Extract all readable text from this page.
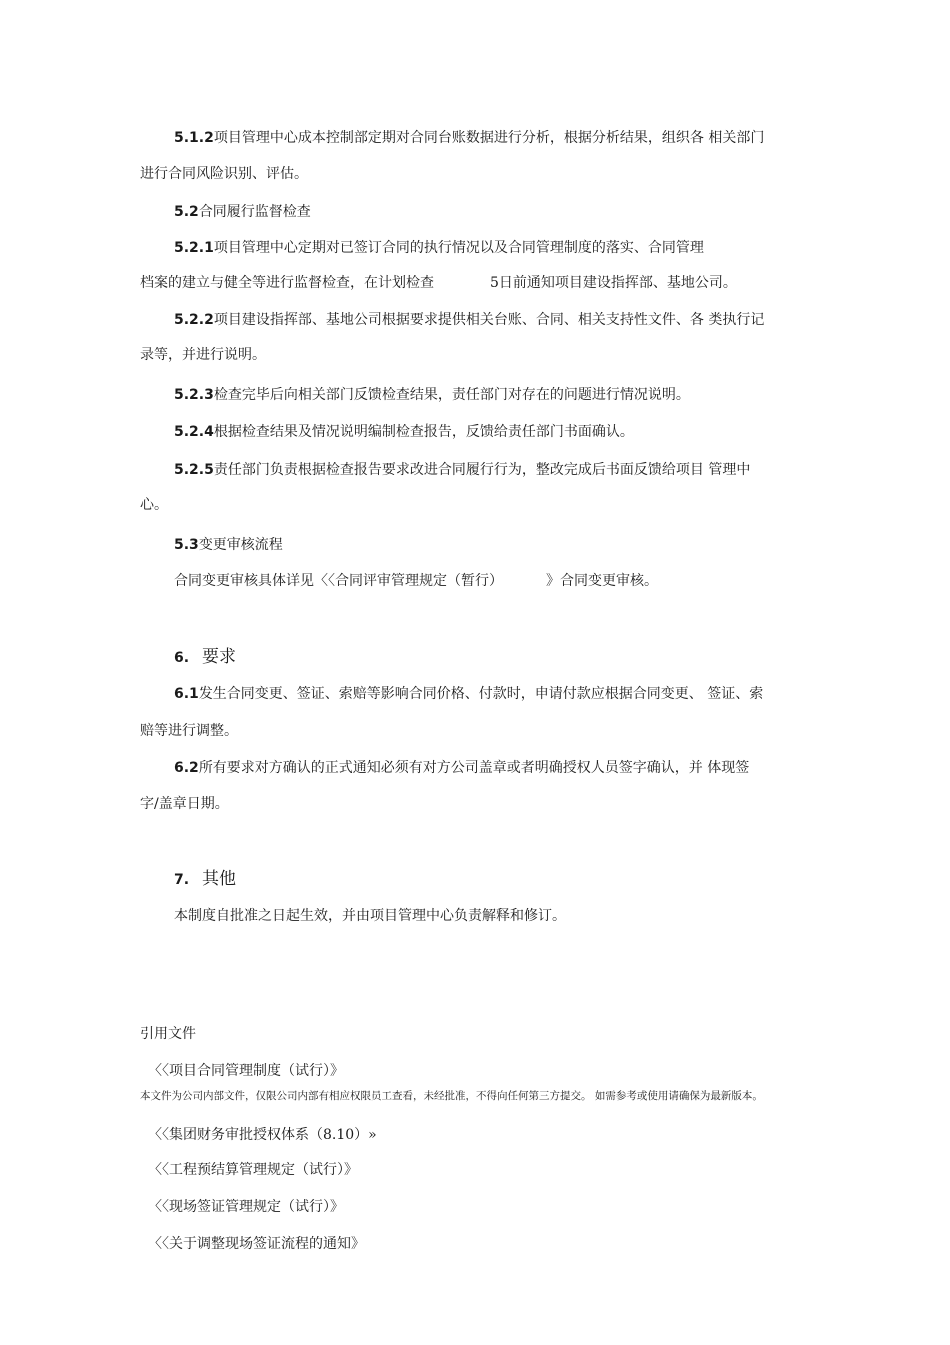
5.1.2项目管理中心成本控制部定期对合同台账数据进行分析，根据分析结果，组织各 相关部门
进行合同风险识别、评估。
5.2合同履行监督检查
5.2.1项目管理中心定期对已签订合同的执行情况以及合同管理制度的落实、合同管理
档案的建立与健全等进行监督检查，在计划检查	5日前通知项目建设指挥部、基地公司。
5.2.2项目建设指挥部、基地公司根据要求提供相关台账、合同、相关支持性文件、各 类执行记
录等，并进行说明。
5.2.3检查完毕后向相关部门反馈检查结果，责任部门对存在的问题进行情况说明。
5.2.4根据检查结果及情况说明编制检查报告，反馈给责任部门书面确认。
5.2.5责任部门负责根据检查报告要求改进合同履行行为，整改完成后书面反馈给项目 管理中
心。
5.3变更审核流程
合同变更审核具体详见〈〈合同评审管理规定（暂行）	》合同变更审核。
6. 要求
6.1发生合同变更、签证、索赔等影响合同价格、付款时，申请付款应根据合同变更、 签证、索
赔等进行调整。
6.2所有要求对方确认的正式通知必须有对方公司盖章或者明确授权人员签字确认，并 体现签
字/盖章日期。
7. 其他
本制度自批准之日起生效，并由项目管理中心负责解释和修订。
引用文件
〈〈项目合同管理制度（试行）》
本文件为公司内部文件，仅限公司内部有相应权限员工查看，未经批准，不得向任何第三方提交。 如需参考或使用请确保为最新版本。
〈〈集团财务审批授权体系（8.10）»
〈〈工程预结算管理规定（试行）》
〈〈现场签证管理规定（试行）》
〈〈关于调整现场签证流程的通知》
